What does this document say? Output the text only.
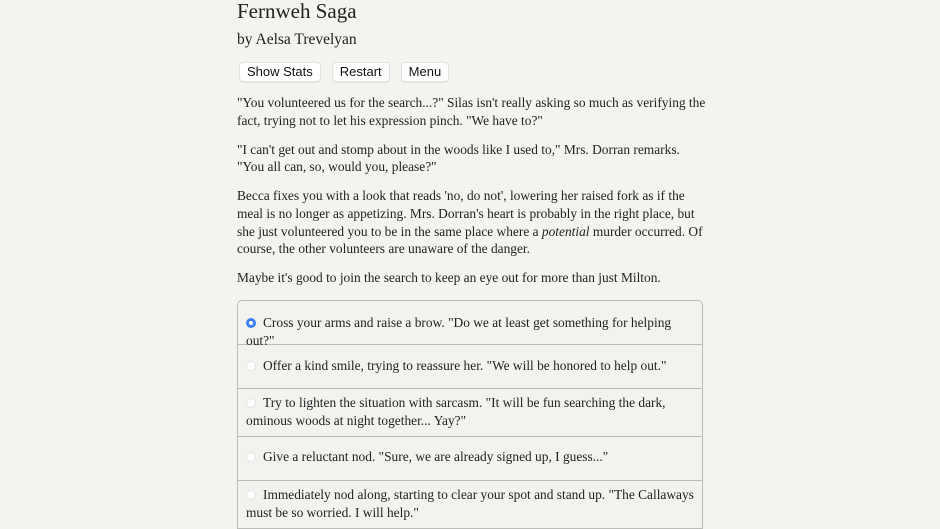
Fernweh Saga
by Aelsa Trevelyan
Show Stats	Restart	Menu

"You volunteered us for the search...?" Silas isn't really asking so much as verifying the fact, trying not to let his expression pinch. "We have to?"

"I can't get out and stomp about in the woods like I used to," Mrs. Dorran remarks. "You all can, so, would you, please?"

Becca fixes you with a look that reads 'no, do not', lowering her raised fork as if the meal is no longer as appetizing. Mrs. Dorran's heart is probably in the right place, but she just volunteered you to be in the same place where a potential murder occurred. Of course, the other volunteers are unaware of the danger.

Maybe it's good to join the search to keep an eye out for more than just Milton.

Cross your arms and raise a brow. "Do we at least get something for helping out?"
Offer a kind smile, trying to reassure her. "We will be honored to help out."
Try to lighten the situation with sarcasm. "It will be fun searching the dark, ominous woods at night together... Yay?"
Give a reluctant nod. "Sure, we are already signed up, I guess..."
Immediately nod along, starting to clear your spot and stand up. "The Callaways must be so worried. I will help."
